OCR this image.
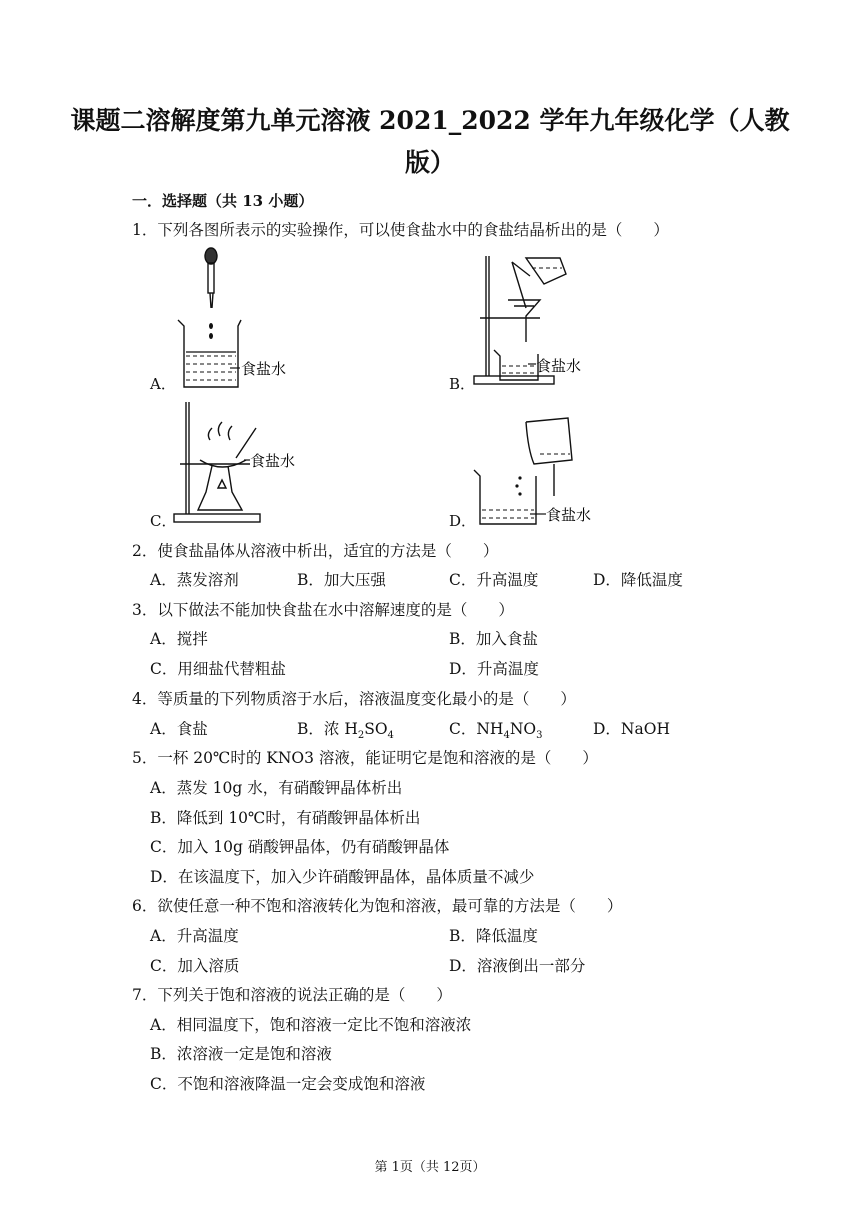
课题二溶解度第九单元溶液 2021_2022 学年九年级化学（人教
版）
一．选择题（共 13 小题）
1．下列各图所表示的实验操作，可以使食盐水中的食盐结晶析出的是（　　）
A．	B．
C．	D．
食盐水	食盐水
食盐水
食盐水
2．使食盐晶体从溶液中析出，适宜的方法是（　　）
A．蒸发溶剂	B．加大压强	C．升高温度	D．降低温度
3．以下做法不能加快食盐在水中溶解速度的是（　　）
A．搅拌	B．加入食盐
C．用细盐代替粗盐	D．升高温度
4．等质量的下列物质溶于水后，溶液温度变化最小的是（　　）
A．食盐	B．浓 $H_2SO_4$	C．$NH_4NO_3$	D．NaOH
5．一杯 20℃时的 KNO3 溶液，能证明它是饱和溶液的是（　　）
A．蒸发 10g 水，有硝酸钾晶体析出
B．降低到 10℃时，有硝酸钾晶体析出
C．加入 10g 硝酸钾晶体，仍有硝酸钾晶体
D．在该温度下，加入少许硝酸钾晶体，晶体质量不减少
6．欲使任意一种不饱和溶液转化为饱和溶液，最可靠的方法是（　　）
A．升高温度	B．降低温度
C．加入溶质	D．溶液倒出一部分
7．下列关于饱和溶液的说法正确的是（　　）
A．相同温度下，饱和溶液一定比不饱和溶液浓
B．浓溶液一定是饱和溶液
C．不饱和溶液降温一定会变成饱和溶液
第 1页（共 12页）
